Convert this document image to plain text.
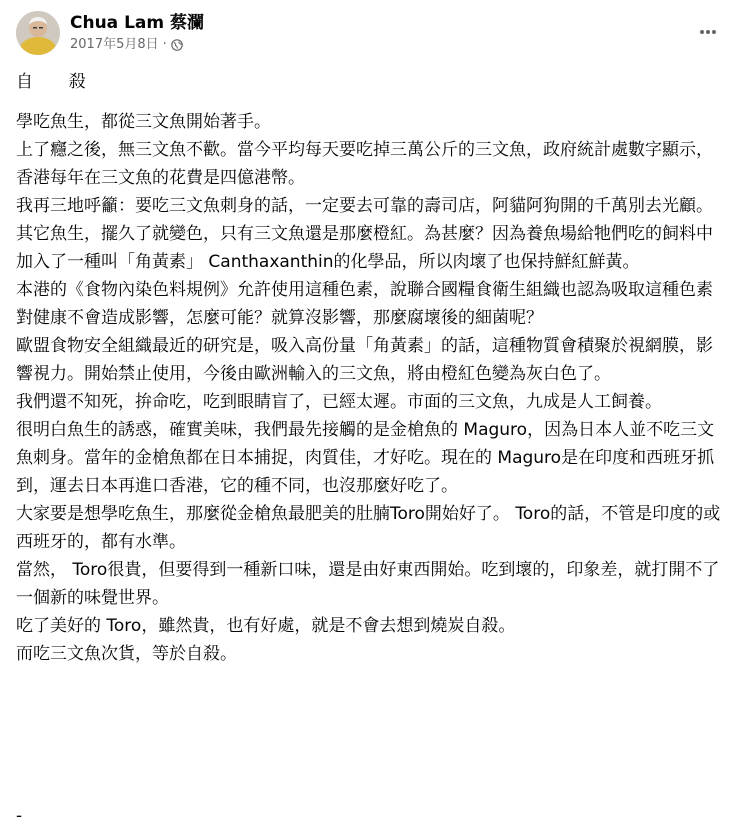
Chua Lam 蔡瀾
2017年5月8日 ·
自　殺

學吃魚生，都從三文魚開始著手。

上了癮之後，無三文魚不歡。當今平均每天要吃掉三萬公斤的三文魚，政府統計處數字顯示，香港每年在三文魚的花費是四億港幣。

我再三地呼籲：要吃三文魚刺身的話，一定要去可靠的壽司店，阿貓阿狗開的千萬別去光顧。其它魚生，擺久了就變色，只有三文魚還是那麼橙紅。為甚麼？因為養魚場給牠們吃的飼料中加入了一種叫「角黃素」 Canthaxanthin的化學品，所以肉壞了也保持鮮紅鮮黃。

本港的《食物內染色料規例》允許使用這種色素，說聯合國糧食衛生組織也認為吸取這種色素對健康不會造成影響，怎麼可能？就算沒影響，那麼腐壞後的細菌呢？

歐盟食物安全組織最近的研究是，吸入高份量「角黃素」的話，這種物質會積聚於視網膜，影響視力。開始禁止使用，今後由歐洲輸入的三文魚，將由橙紅色變為灰白色了。

我們還不知死，拚命吃，吃到眼睛盲了，已經太遲。市面的三文魚，九成是人工飼養。

很明白魚生的誘惑，確實美味，我們最先接觸的是金槍魚的 Maguro，因為日本人並不吃三文魚刺身。當年的金槍魚都在日本捕捉，肉質佳，才好吃。現在的 Maguro是在印度和西班牙抓到，運去日本再進口香港，它的種不同，也沒那麼好吃了。

大家要是想學吃魚生，那麼從金槍魚最肥美的肚腩Toro開始好了。 Toro的話，不管是印度的或西班牙的，都有水準。

當然， Toro很貴，但要得到一種新口味，還是由好東西開始。吃到壞的，印象差，就打開不了一個新的味覺世界。

吃了美好的 Toro，雖然貴，也有好處，就是不會去想到燒炭自殺。

而吃三文魚次貨，等於自殺。

-
